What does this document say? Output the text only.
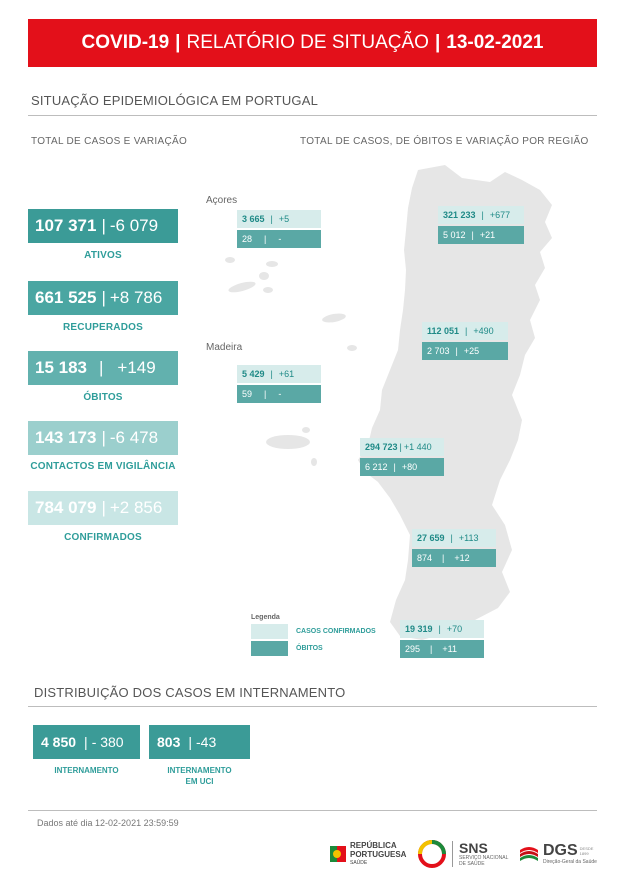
COVID-19 | RELATÓRIO DE SITUAÇÃO | 13-02-2021
SITUAÇÃO EPIDEMIOLÓGICA EM PORTUGAL
TOTAL DE CASOS E VARIAÇÃO	TOTAL DE CASOS, DE ÓBITOS E VARIAÇÃO POR REGIÃO
107 371 | -6 079
ATIVOS
661 525 | +8 786
RECUPERADOS
15 183 | +149
ÓBITOS
143 173 | -6 478
CONTACTOS EM VIGILÂNCIA
784 079 | +2 856
CONFIRMADOS
Açores
Madeira
3 665 | +5
28 | -
5 429 | +61
59 | -
321 233 | +677
5 012 | +21
112 051 | +490
2 703 | +25
294 723 | +1 440
6 212 | +80
27 659 | +113
874 | +12
19 319 | +70
295 | +11
Legenda
CASOS CONFIRMADOS
ÓBITOS
DISTRIBUIÇÃO DOS CASOS EM INTERNAMENTO
4 850 | - 380
INTERNAMENTO
803 | -43
INTERNAMENTO
EM UCI
Dados até dia 12-02-2021 23:59:59
REPÚBLICA
PORTUGUESA
SAÚDE
SNS
SERVIÇO NACIONAL
DE SAÚDE
DGS DESDE 1899
Direção-Geral da Saúde
